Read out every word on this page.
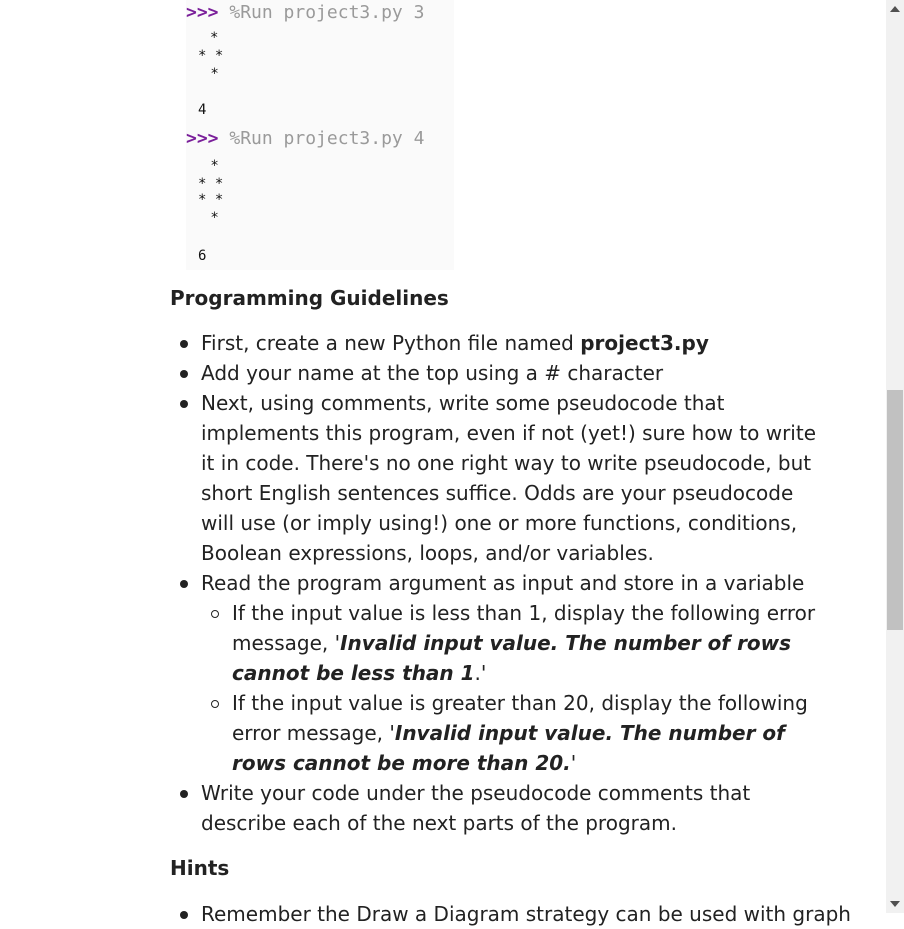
>>> %Run project3.py 3
*
* *
*
4
>>> %Run project3.py 4
*
* *
* *
*
6
Programming Guidelines
First, create a new Python file named project3.py
Add your name at the top using a # character
Next, using comments, write some pseudocode that implements this program, even if not (yet!) sure how to write it in code. There's no one right way to write pseudocode, but short English sentences suffice. Odds are your pseudocode will use (or imply using!) one or more functions, conditions, Boolean expressions, loops, and/or variables.
Read the program argument as input and store in a variable
If the input value is less than 1, display the following error message, 'Invalid input value. The number of rows cannot be less than 1.'
If the input value is greater than 20, display the following error message, 'Invalid input value. The number of rows cannot be more than 20.'
Write your code under the pseudocode comments that describe each of the next parts of the program.
Hints
Remember the Draw a Diagram strategy can be used with graph
